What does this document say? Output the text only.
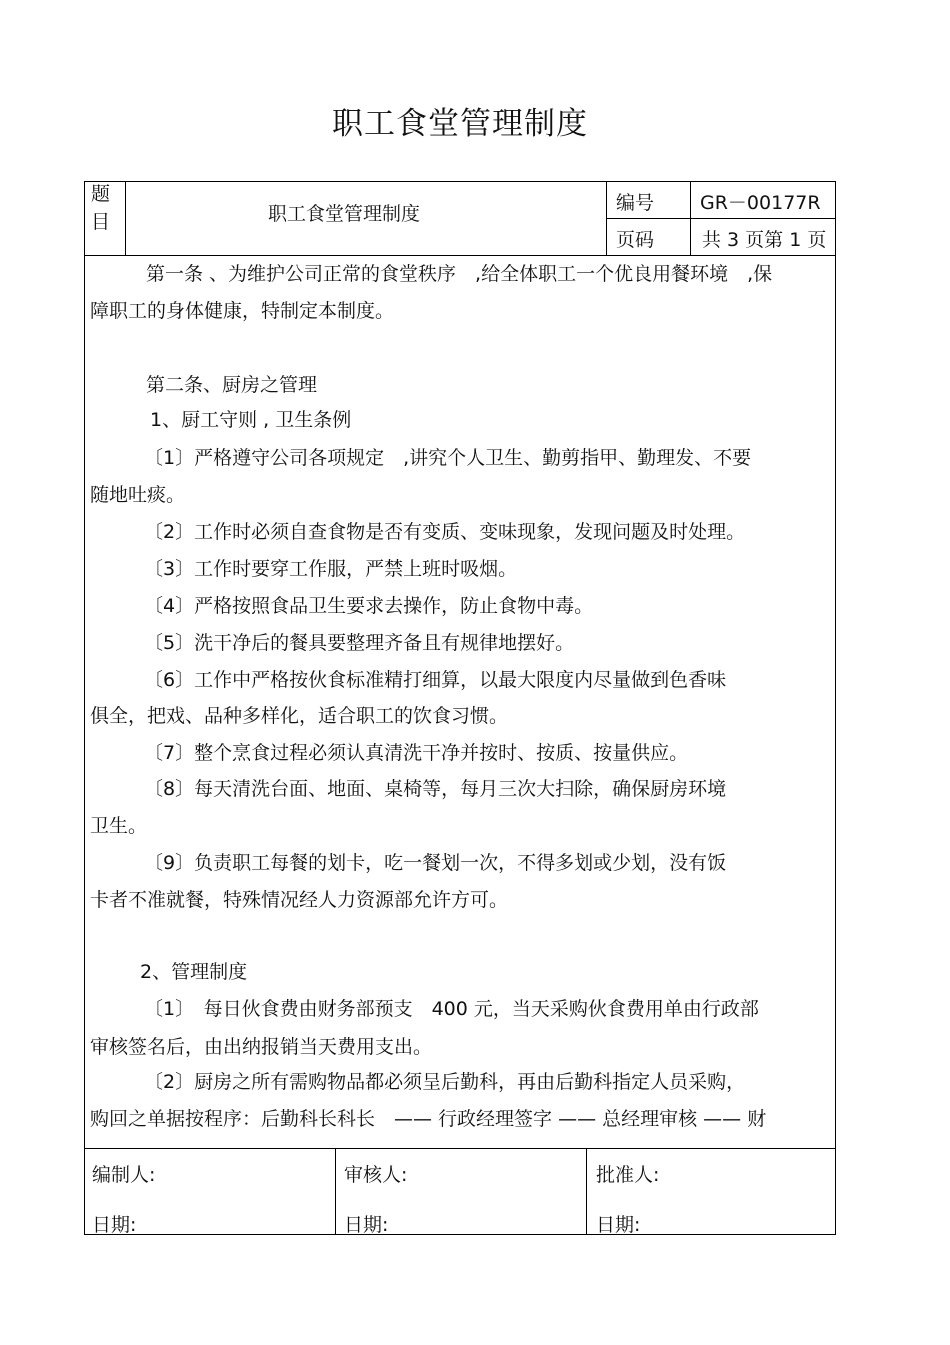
职工食堂管理制度
题
目	职工食堂管理制度	编号 GR－00177R
页码	共 3 页第 1 页
第一条 、为维护公司正常的食堂秩序　,给全体职工一个优良用餐环境　,保
障职工的身体健康，特制定本制度。
第二条、厨房之管理
1、厨工守则 , 卫生条例
〔1〕严格遵守公司各项规定　,讲究个人卫生、勤剪指甲、勤理发、不要
随地吐痰。
〔2〕工作时必须自查食物是否有变质、变味现象，发现问题及时处理。
〔3〕工作时要穿工作服，严禁上班时吸烟。
〔4〕严格按照食品卫生要求去操作，防止食物中毒。
〔5〕洗干净后的餐具要整理齐备且有规律地摆好。
〔6〕工作中严格按伙食标准精打细算，以最大限度内尽量做到色香味
俱全，把戏、品种多样化，适合职工的饮食习惯。
〔7〕整个烹食过程必须认真清洗干净并按时、按质、按量供应。
〔8〕每天清洗台面、地面、桌椅等，每月三次大扫除，确保厨房环境
卫生。
〔9〕负责职工每餐的划卡，吃一餐划一次，不得多划或少划，没有饭
卡者不准就餐，特殊情况经人力资源部允许方可。
2、管理制度
〔1〕　每日伙食费由财务部预支　400 元，当天采购伙食费用单由行政部
审核签名后，由出纳报销当天费用支出。
〔2〕厨房之所有需购物品都必须呈后勤科，再由后勤科指定人员采购，
购回之单据按程序：后勤科长科长　—— 行政经理签字 —— 总经理审核 —— 财
编制人:	审核人:	批准人:
日期:	日期:	日期:
